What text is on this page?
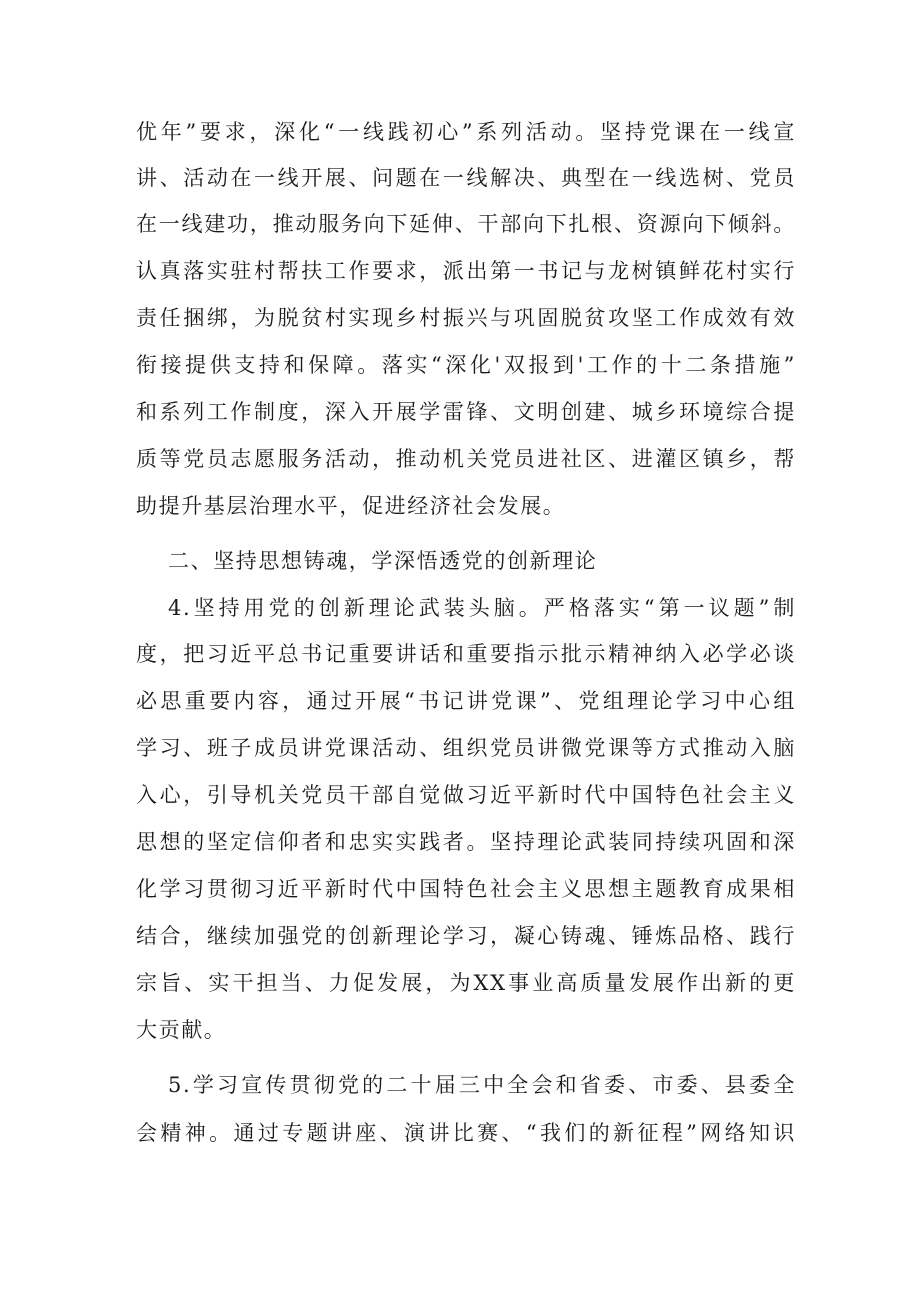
优年”要求，深化“一线践初心”系列活动。坚持党课在一线宣
讲、活动在一线开展、问题在一线解决、典型在一线选树、党员
在一线建功，推动服务向下延伸、干部向下扎根、资源向下倾斜。
认真落实驻村帮扶工作要求，派出第一书记与龙树镇鲜花村实行
责任捆绑，为脱贫村实现乡村振兴与巩固脱贫攻坚工作成效有效
衔接提供支持和保障。落实“深化'双报到'工作的十二条措施”
和系列工作制度，深入开展学雷锋、文明创建、城乡环境综合提
质等党员志愿服务活动，推动机关党员进社区、进灌区镇乡，帮
助提升基层治理水平，促进经济社会发展。
二、坚持思想铸魂，学深悟透党的创新理论
4.坚持用党的创新理论武装头脑。严格落实“第一议题”制
度，把习近平总书记重要讲话和重要指示批示精神纳入必学必谈
必思重要内容，通过开展“书记讲党课”、党组理论学习中心组
学习、班子成员讲党课活动、组织党员讲微党课等方式推动入脑
入心，引导机关党员干部自觉做习近平新时代中国特色社会主义
思想的坚定信仰者和忠实实践者。坚持理论武装同持续巩固和深
化学习贯彻习近平新时代中国特色社会主义思想主题教育成果相
结合，继续加强党的创新理论学习，凝心铸魂、锤炼品格、践行
宗旨、实干担当、力促发展，为XX事业高质量发展作出新的更
大贡献。
5.学习宣传贯彻党的二十届三中全会和省委、市委、县委全
会精神。通过专题讲座、演讲比赛、“我们的新征程”网络知识
